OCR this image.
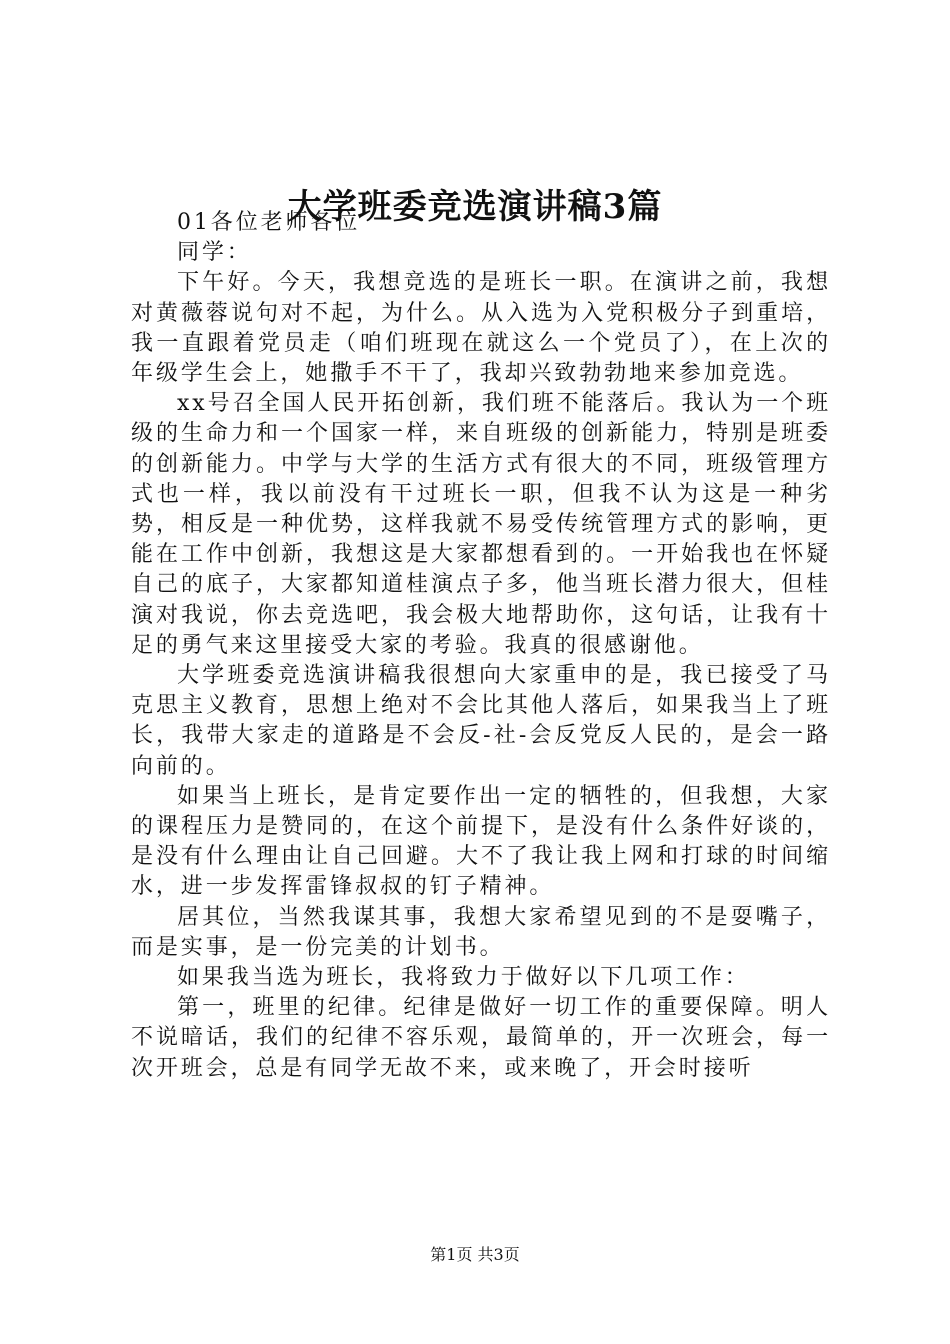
大学班委竞选演讲稿3篇

01各位老师各位

同学：

下午好。今天，我想竞选的是班长一职。在演讲之前，我想对黄薇蓉说句对不起，为什么。从入选为入党积极分子到重培，我一直跟着党员走（咱们班现在就这么一个党员了），在上次的年级学生会上，她撒手不干了，我却兴致勃勃地来参加竞选。

xx号召全国人民开拓创新，我们班不能落后。我认为一个班级的生命力和一个国家一样，来自班级的创新能力，特别是班委的创新能力。中学与大学的生活方式有很大的不同，班级管理方式也一样，我以前没有干过班长一职，但我不认为这是一种劣势，相反是一种优势，这样我就不易受传统管理方式的影响，更能在工作中创新，我想这是大家都想看到的。一开始我也在怀疑自己的底子，大家都知道桂演点子多，他当班长潜力很大，但桂演对我说，你去竞选吧，我会极大地帮助你，这句话，让我有十足的勇气来这里接受大家的考验。我真的很感谢他。

大学班委竞选演讲稿我很想向大家重申的是，我已接受了马克思主义教育，思想上绝对不会比其他人落后，如果我当上了班长，我带大家走的道路是不会反-社-会反党反人民的，是会一路向前的。

如果当上班长，是肯定要作出一定的牺牲的，但我想，大家的课程压力是赞同的，在这个前提下，是没有什么条件好谈的，是没有什么理由让自己回避。大不了我让我上网和打球的时间缩水，进一步发挥雷锋叔叔的钉子精神。

居其位，当然我谋其事，我想大家希望见到的不是耍嘴子，而是实事，是一份完美的计划书。

如果我当选为班长，我将致力于做好以下几项工作：

第一，班里的纪律。纪律是做好一切工作的重要保障。明人不说暗话，我们的纪律不容乐观，最简单的，开一次班会，每一次开班会，总是有同学无故不来，或来晚了，开会时接听

第1页 共3页
